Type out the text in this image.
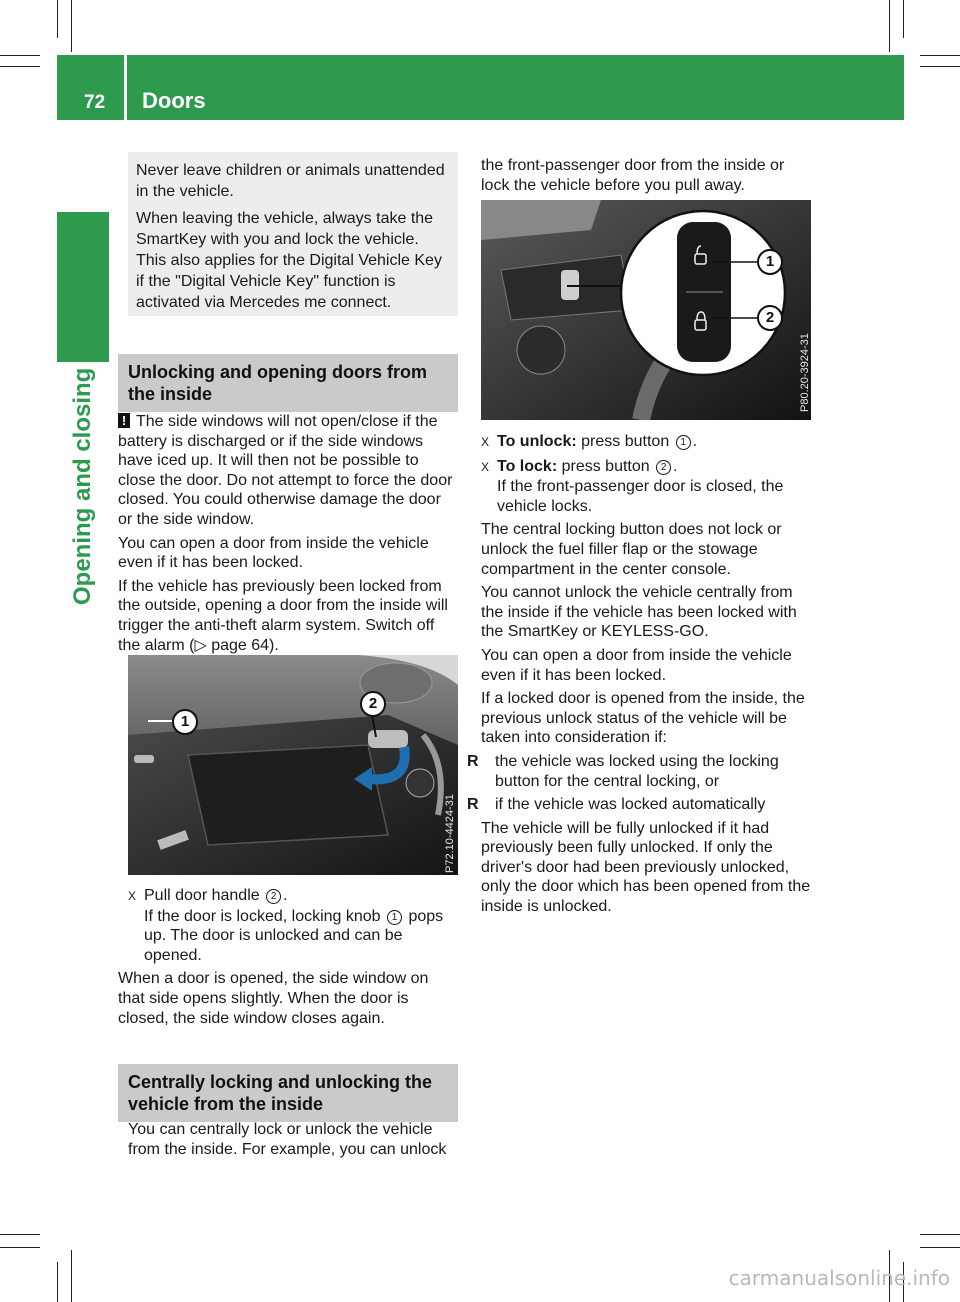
72 Doors
Opening and closing

Never leave children or animals unattended in the vehicle.

When leaving the vehicle, always take the SmartKey with you and lock the vehicle. This also applies for the Digital Vehicle Key if the "Digital Vehicle Key" function is activated via Mercedes me connect.

Unlocking and opening doors from the inside

! The side windows will not open/close if the battery is discharged or if the side windows have iced up. It will then not be possible to close the door. Do not attempt to force the door closed. You could otherwise damage the door or the side window.

You can open a door from inside the vehicle even if it has been locked.

If the vehicle has previously been locked from the outside, opening a door from the inside will trigger the anti-theft alarm system. Switch off the alarm (▷ page 64).

1
2
P72.10-4424-31

X Pull door handle 2 .

If the door is locked, locking knob 1 pops up. The door is unlocked and can be opened.

When a door is opened, the side window on that side opens slightly. When the door is closed, the side window closes again.

Centrally locking and unlocking the vehicle from the inside

You can centrally lock or unlock the vehicle from the inside. For example, you can unlock

the front-passenger door from the inside or lock the vehicle before you pull away.

1
2
P80.20-3924-31

X To unlock: press button 1 .

X To lock: press button 2 .

If the front-passenger door is closed, the vehicle locks.

The central locking button does not lock or unlock the fuel filler flap or the stowage compartment in the center console.

You cannot unlock the vehicle centrally from the inside if the vehicle has been locked with the SmartKey or KEYLESS-GO.

You can open a door from inside the vehicle even if it has been locked.

If a locked door is opened from the inside, the previous unlock status of the vehicle will be taken into consideration if:

R the vehicle was locked using the locking button for the central locking, or

R if the vehicle was locked automatically

The vehicle will be fully unlocked if it had previously been fully unlocked. If only the driver's door had been previously unlocked, only the door which has been opened from the inside is unlocked.

carmanualsonline.info
